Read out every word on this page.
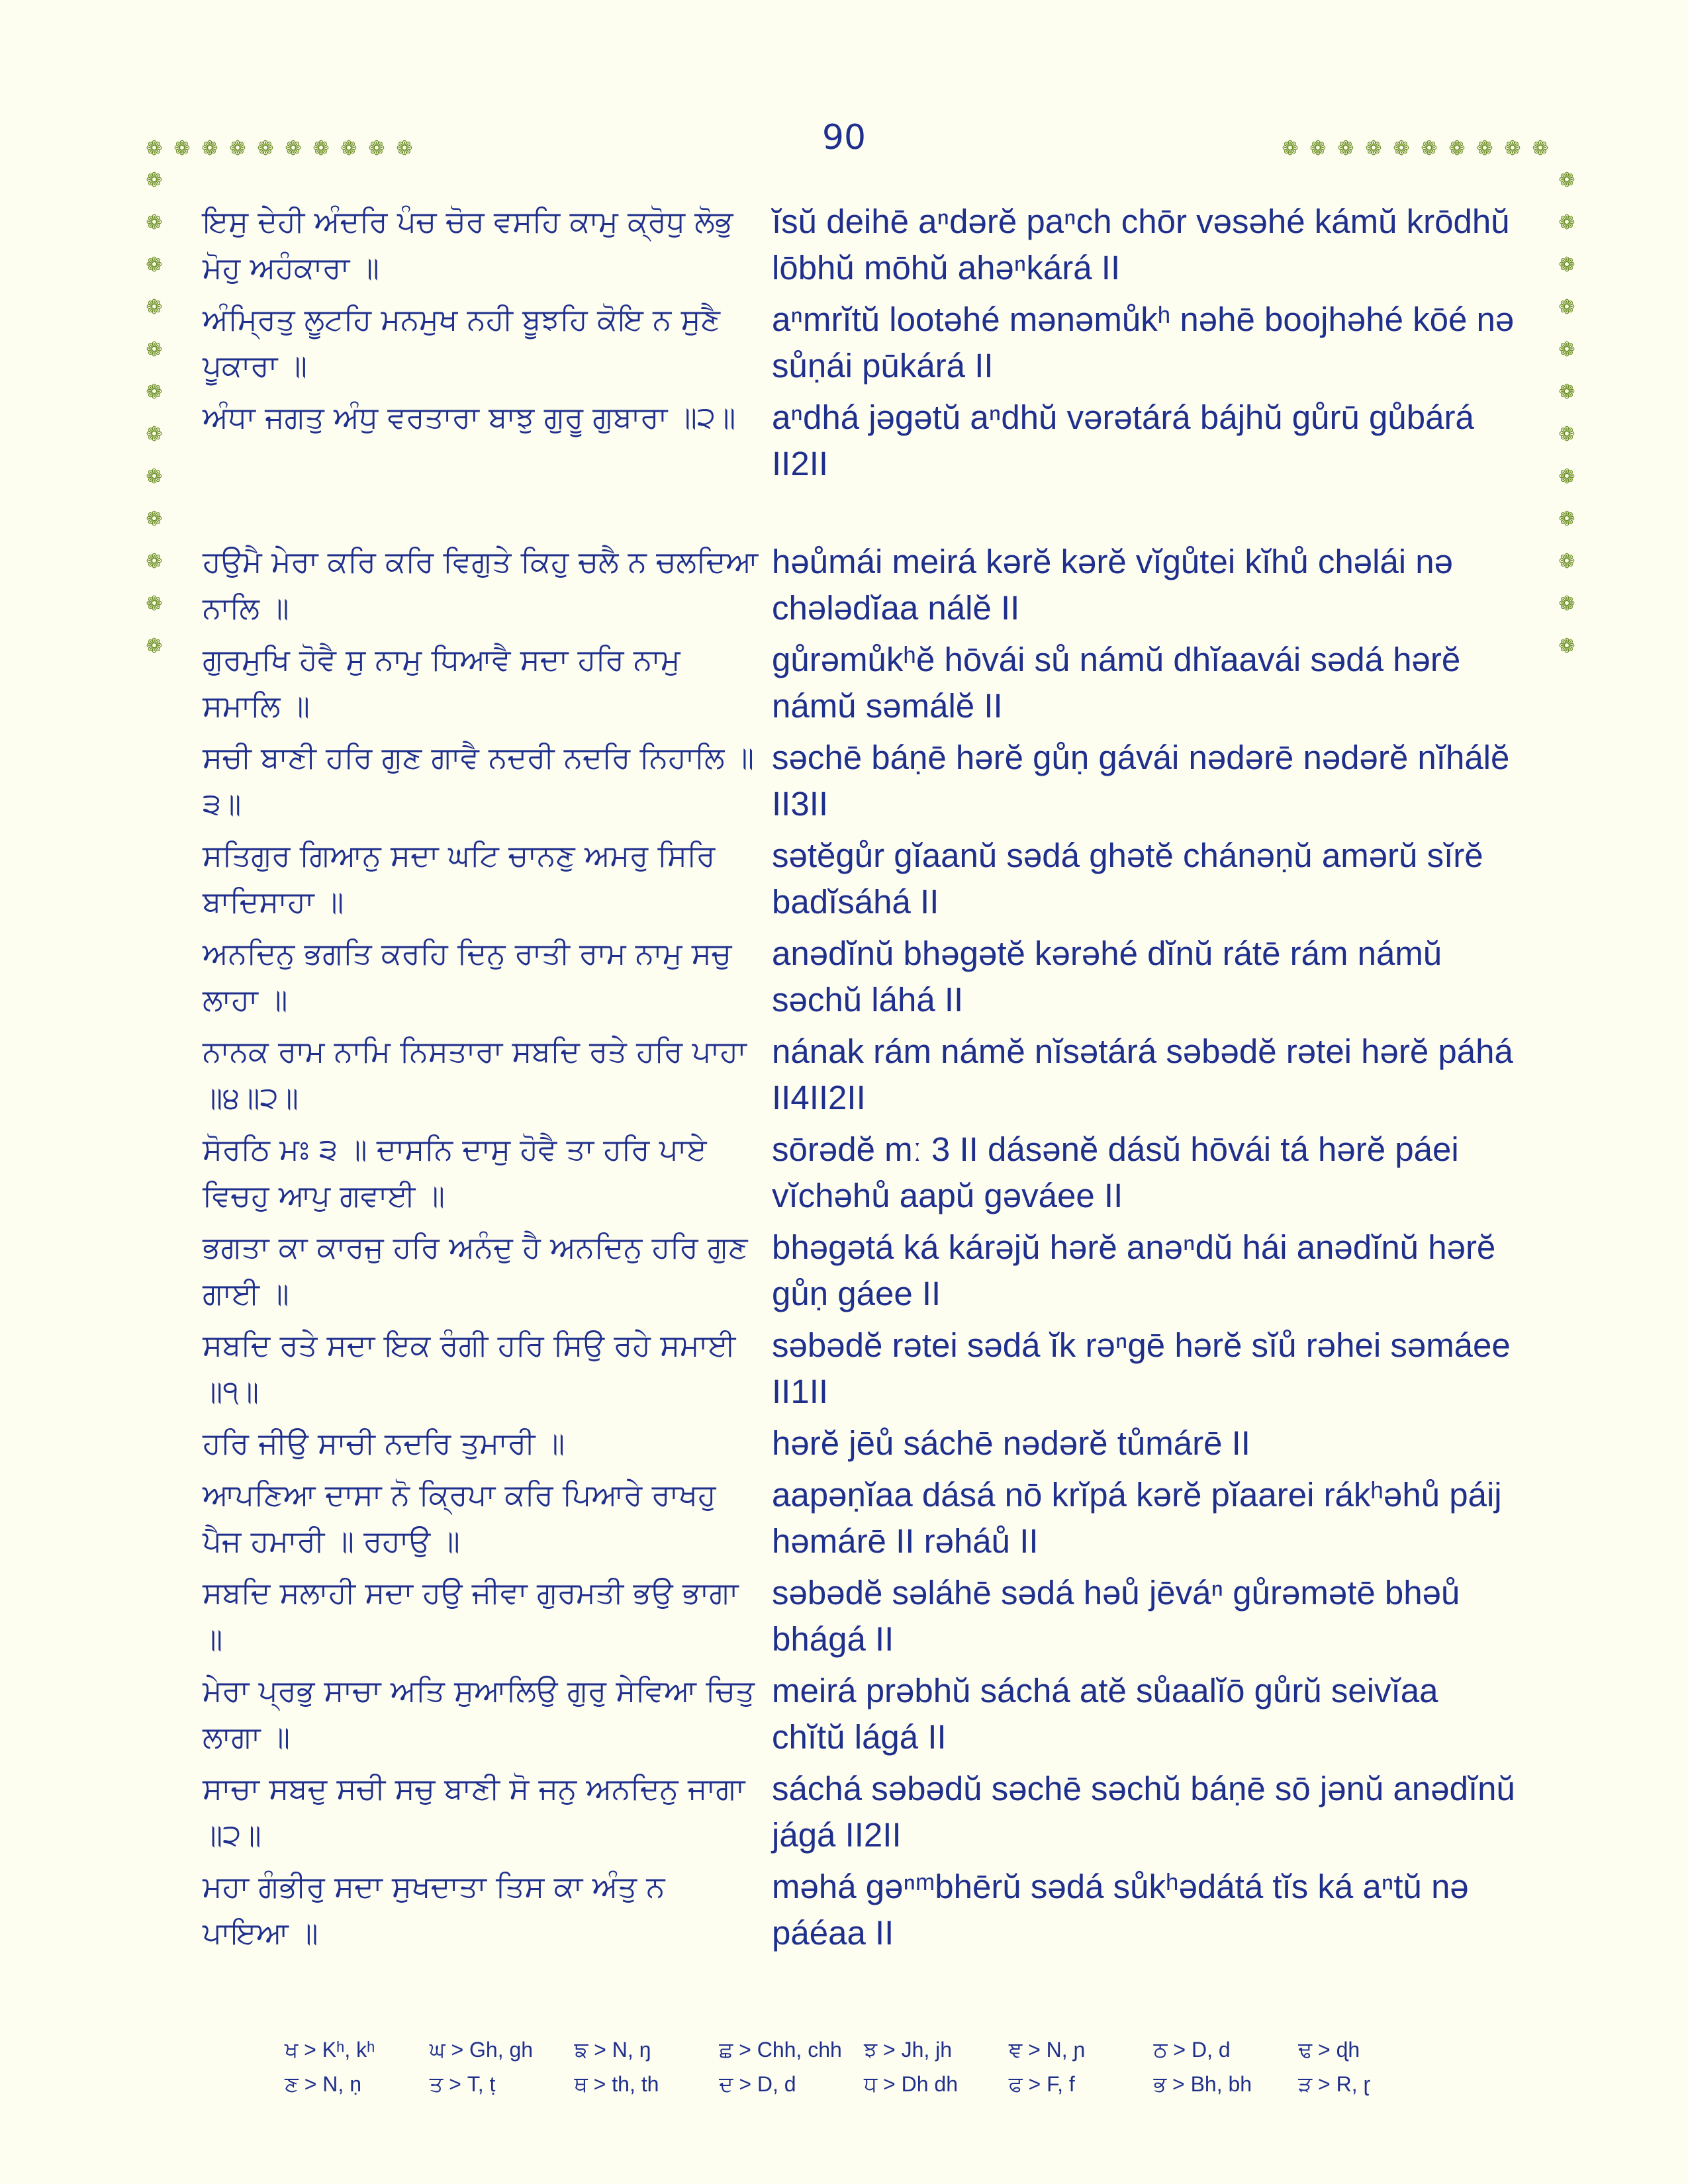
90
❁ ❁ ❁ ❁ ❁ ❁ ❁ ❁ ❁ ❁	❁ ❁ ❁ ❁ ❁ ❁ ❁ ❁ ❁ ❁
❁
❁
❁
❁
❁
❁
❁
❁
❁
❁
❁
❁
❁
❁
❁
❁
❁
❁
❁
❁
❁
❁
❁
❁
ਇਸੁ ਦੇਹੀ ਅੰਦਰਿ ਪੰਚ ਚੋਰ ਵਸਹਿ ਕਾਮੁ ਕ੍ਰੋਧੁ ਲੋਭੁ ਮੋਹੁ ਅਹੰਕਾਰਾ ॥
ĭsŭ deihē aⁿdərĕ paⁿch chōr vəsəhé kámŭ krōdhŭ lōbhŭ mōhŭ ahəⁿkárá II
ਅੰਮ੍ਰਿਤੁ ਲੂਟਹਿ ਮਨਮੁਖ ਨਹੀ ਬੂਝਹਿ ਕੋਇ ਨ ਸੁਣੈ ਪੂਕਾਰਾ ॥
aⁿmrĭtŭ lootəhé mənəmůkʰ nəhē boojhəhé kōé nə sůṇái pūkárá II
ਅੰਧਾ ਜਗਤੁ ਅੰਧੁ ਵਰਤਾਰਾ ਬਾਝੁ ਗੁਰੂ ਗੁਬਾਰਾ ॥੨॥	aⁿdhá jəgətŭ aⁿdhŭ vərətárá bájhŭ gůrū gůbárá II2II
ਹਉਮੈ ਮੇਰਾ ਕਰਿ ਕਰਿ ਵਿਗੁਤੇ ਕਿਹੁ ਚਲੈ ਨ ਚਲਦਿਆ ਨਾਲਿ ॥
həůmái meirá kərĕ kərĕ vĭgůtei kĭhů chəlái nə chələdĭaa nálĕ II
ਗੁਰਮੁਖਿ ਹੋਵੈ ਸੁ ਨਾਮੁ ਧਿਆਵੈ ਸਦਾ ਹਰਿ ਨਾਮੁ ਸਮਾਲਿ ॥
gůrəmůkʰĕ hōvái sů námŭ dhĭaavái sədá hərĕ námŭ səmálĕ II
ਸਚੀ ਬਾਣੀ ਹਰਿ ਗੁਣ ਗਾਵੈ ਨਦਰੀ ਨਦਰਿ ਨਿਹਾਲਿ ॥੩॥
səchē báṇē hərĕ gůṇ gávái nədərē nədərĕ nĭhálĕ II3II
ਸਤਿਗੁਰ ਗਿਆਨੁ ਸਦਾ ਘਟਿ ਚਾਨਣੁ ਅਮਰੁ ਸਿਰਿ ਬਾਦਿਸਾਹਾ ॥
sətĕgůr gĭaanŭ sədá ghətĕ chánəṇŭ amərŭ sĭrĕ badĭsáhá II
ਅਨਦਿਨੁ ਭਗਤਿ ਕਰਹਿ ਦਿਨੁ ਰਾਤੀ ਰਾਮ ਨਾਮੁ ਸਚੁ ਲਾਹਾ ॥
anədĭnŭ bhəgətĕ kərəhé dĭnŭ rátē rám námŭ səchŭ láhá II
ਨਾਨਕ ਰਾਮ ਨਾਮਿ ਨਿਸਤਾਰਾ ਸਬਦਿ ਰਤੇ ਹਰਿ ਪਾਹਾ ॥੪॥੨॥
nának rám námĕ nĭsətárá səbədĕ rətei hərĕ páhá II4II2II
ਸੋਰਠਿ ਮਃ ੩ ॥ ਦਾਸਨਿ ਦਾਸੁ ਹੋਵੈ ਤਾ ਹਰਿ ਪਾਏ ਵਿਚਹੁ ਆਪੁ ਗਵਾਈ ॥
sōrədĕ mː 3 II dásənĕ dásŭ hōvái tá hərĕ páei vĭchəhů aapŭ gəváee II
ਭਗਤਾ ਕਾ ਕਾਰਜੁ ਹਰਿ ਅਨੰਦੁ ਹੈ ਅਨਦਿਨੁ ਹਰਿ ਗੁਣ ਗਾਈ ॥
bhəgətá ká kárəjŭ hərĕ anəⁿdŭ hái anədĭnŭ hərĕ gůṇ gáee II
ਸਬਦਿ ਰਤੇ ਸਦਾ ਇਕ ਰੰਗੀ ਹਰਿ ਸਿਉ ਰਹੇ ਸਮਾਈ ॥੧॥
səbədĕ rətei sədá ĭk rəⁿgē hərĕ sĭů rəhei səmáee II1II
ਹਰਿ ਜੀਉ ਸਾਚੀ ਨਦਰਿ ਤੁਮਾਰੀ ॥	hərĕ jēů sáchē nədərĕ tůmárē II
ਆਪਣਿਆ ਦਾਸਾ ਨੋ ਕ੍ਰਿਪਾ ਕਰਿ ਪਿਆਰੇ ਰਾਖਹੁ ਪੈਜ ਹਮਾਰੀ ॥ ਰਹਾਉ ॥
aapəṇĭaa dásá nō krĭpá kərĕ pĭaarei rákʰəhů páij həmárē II rəháů II
ਸਬਦਿ ਸਲਾਹੀ ਸਦਾ ਹਉ ਜੀਵਾ ਗੁਰਮਤੀ ਭਉ ਭਾਗਾ ॥
səbədĕ səláhē sədá həů jēváⁿ gůrəmətē bhəů bhágá II
ਮੇਰਾ ਪ੍ਰਭੁ ਸਾਚਾ ਅਤਿ ਸੁਆਲਿਉ ਗੁਰੁ ਸੇਵਿਆ ਚਿਤੁ ਲਾਗਾ ॥
meirá prəbhŭ sáchá atĕ sůaalĭō gůrŭ seivĭaa chĭtŭ lágá II
ਸਾਚਾ ਸਬਦੁ ਸਚੀ ਸਚੁ ਬਾਣੀ ਸੋ ਜਨੁ ਅਨਦਿਨੁ ਜਾਗਾ ॥੨॥
sáchá səbədŭ səchē səchŭ báṇē sō jənŭ anədĭnŭ jágá II2II
ਮਹਾ ਗੰਭੀਰੁ ਸਦਾ ਸੁਖਦਾਤਾ ਤਿਸ ਕਾ ਅੰਤੁ ਨ ਪਾਇਆ ॥
məhá gəⁿᵐbhērŭ sədá sůkʰədátá tĭs ká aⁿtŭ nə páéaa II
ਖ > Kʰ, kʰ	ਘ > Gh, gh	ਙ > N, ŋ	ਛ > Chh, chh	ਝ > Jh, jh	ਞ > N, ɲ	ਠ > D, d	ਢ > ɖh
ਣ > N, ṇ	ਤ > T, ṭ	ਥ > th, th	ਦ > D, d	ਧ > Dh dh	ਫ > F, f	ਭ > Bh, bh	ੜ > R, ɽ
